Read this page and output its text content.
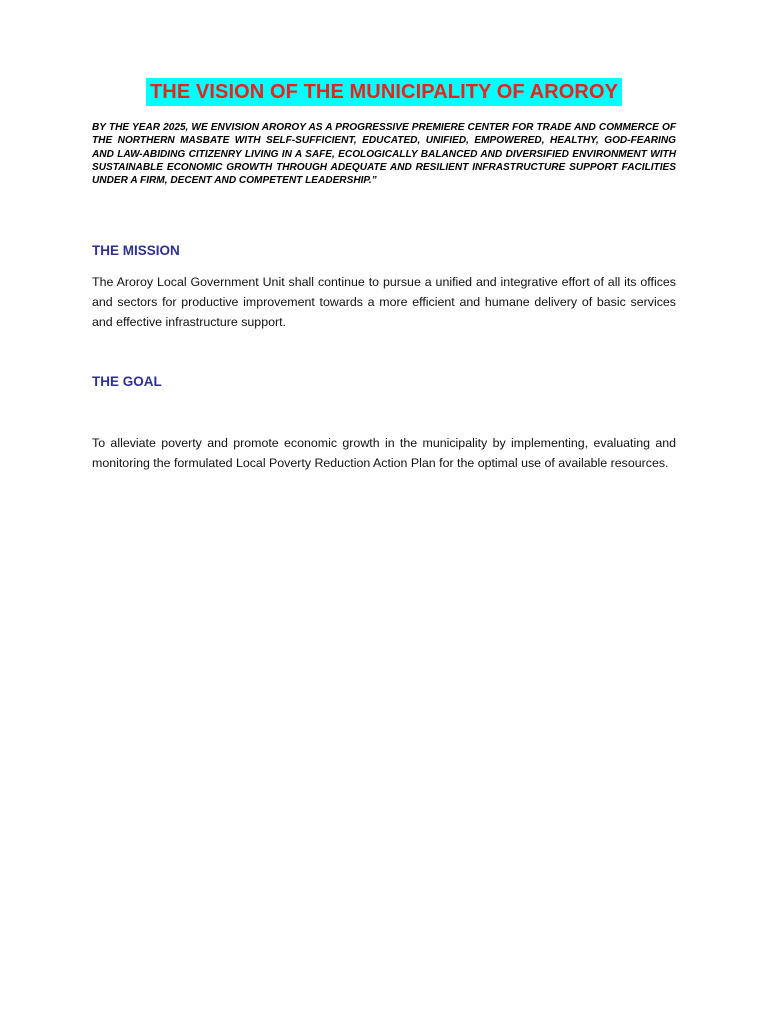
THE VISION OF THE MUNICIPALITY OF AROROY

BY THE YEAR 2025, WE ENVISION AROROY AS A PROGRESSIVE PREMIERE CENTER FOR TRADE AND COMMERCE OF THE NORTHERN MASBATE WITH SELF-SUFFICIENT, EDUCATED, UNIFIED, EMPOWERED, HEALTHY, GOD-FEARING AND LAW-ABIDING CITIZENRY LIVING IN A SAFE, ECOLOGICALLY BALANCED AND DIVERSIFIED ENVIRONMENT WITH SUSTAINABLE ECONOMIC GROWTH THROUGH ADEQUATE AND RESILIENT INFRASTRUCTURE SUPPORT FACILITIES UNDER A FIRM, DECENT AND COMPETENT LEADERSHIP.”

THE MISSION

The Aroroy Local Government Unit shall continue to pursue a unified and integrative effort of all its offices and sectors for productive improvement towards a more efficient and humane delivery of basic services and effective infrastructure support.

THE GOAL

To alleviate poverty and promote economic growth in the municipality by implementing, evaluating and monitoring the formulated Local Poverty Reduction Action Plan for the optimal use of available resources.
